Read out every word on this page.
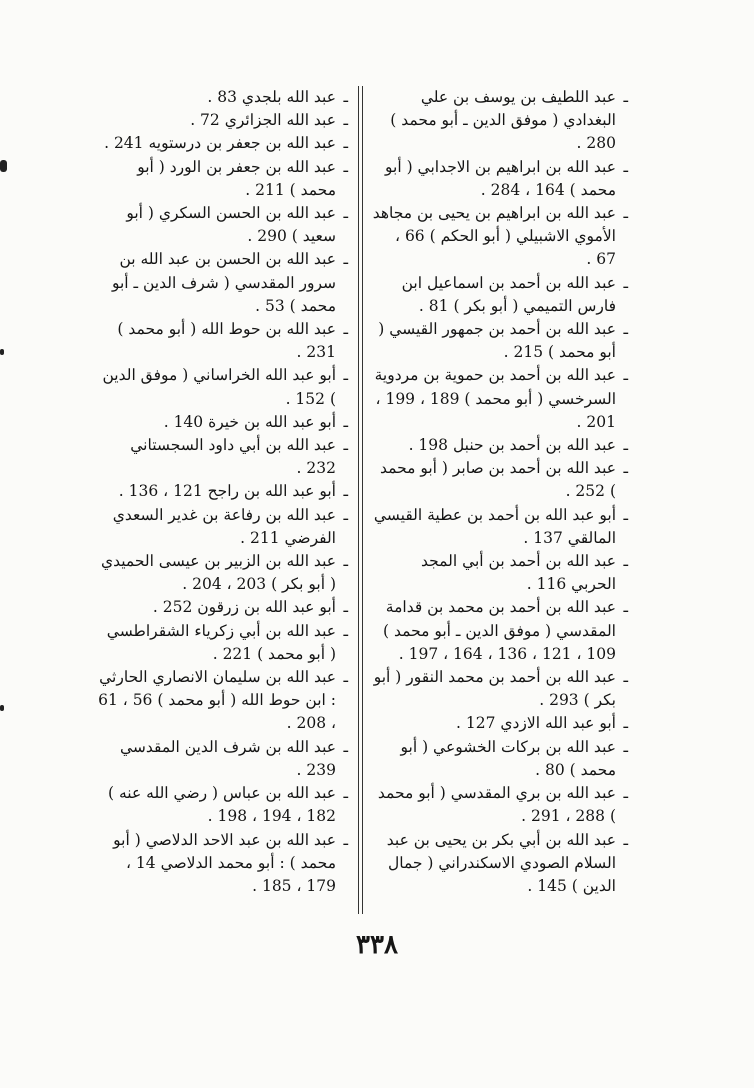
ـ
عبد اللطيف بن يوسف بن علي البغدادي ( موفق الدين ـ أبو محمد ) 280 .
ـ
عبد الله بن ابراهيم بن الاجدابي ( أبو محمد ) 164 ، 284 .
ـ
عبد الله بن ابراهيم بن يحيى بن مجاهد الأموي الاشبيلي ( أبو الحكم ) 66 ، 67 .
ـ
عبد الله بن أحمد بن اسماعيل ابن فارس التميمي ( أبو بكر ) 81 .
ـ
عبد الله بن أحمد بن جمهور القيسي ( أبو محمد ) 215 .
ـ
عبد الله بن أحمد بن حموية بن مردوية السرخسي ( أبو محمد ) 189 ، 199 ، 201 .
ـ
عبد الله بن أحمد بن حنبل 198 .
ـ
عبد الله بن أحمد بن صابر ( أبو محمد ) 252 .
ـ
أبو عبد الله بن أحمد بن عطية القيسي المالقي 137 .
ـ
عبد الله بن أحمد بن أبي المجد الحربي 116 .
ـ
عبد الله بن أحمد بن محمد بن قدامة المقدسي ( موفق الدين ـ أبو محمد ) 109 ، 121 ، 136 ، 164 ، 197 .
ـ
عبد الله بن أحمد بن محمد النقور ( أبو بكر ) 293 .
ـ
أبو عبد الله الازدي 127 .
ـ
عبد الله بن بركات الخشوعي ( أبو محمد ) 80 .
ـ
عبد الله بن بري المقدسي ( أبو محمد ) 288 ، 291 .
ـ
عبد الله بن أبي بكر بن يحيى بن عبد السلام الصودي الاسكندراني ( جمال الدين ) 145 .
ـ
عبد الله بلجدي 83 .
ـ
عبد الله الجزائري 72 .
ـ
عبد الله بن جعفر بن درستويه 241 .
ـ
عبد الله بن جعفر بن الورد ( أبو محمد ) 211 .
ـ
عبد الله بن الحسن السكري ( أبو سعيد ) 290 .
ـ
عبد الله بن الحسن بن عبد الله بن سرور المقدسي ( شرف الدين ـ أبو محمد ) 53 .
ـ
عبد الله بن حوط الله ( أبو محمد ) 231 .
ـ
أبو عبد الله الخراساني ( موفق الدين ) 152 .
ـ
أبو عبد الله بن خيرة 140 .
ـ
عبد الله بن أبي داود السجستاني 232 .
ـ
أبو عبد الله بن راجح 121 ، 136 .
ـ
عبد الله بن رفاعة بن غدير السعدي الفرضي 211 .
ـ
عبد الله بن الزبير بن عيسى الحميدي ( أبو بكر ) 203 ، 204 .
ـ
أبو عبد الله بن زرقون 252 .
ـ
عبد الله بن أبي زكرياء الشقراطسي ( أبو محمد ) 221 .
ـ
عبد الله بن سليمان الانصاري الحارثي : ابن حوط الله ( أبو محمد ) 56 ، 61 ، 208 .
ـ
عبد الله بن شرف الدين المقدسي 239 .
ـ
عبد الله بن عباس ( رضي الله عنه ) 182 ، 194 ، 198 .
ـ
عبد الله بن عبد الاحد الدلاصي ( أبو محمد ) : أبو محمد الدلاصي 14 ، 179 ، 185 .
٣٣٨
